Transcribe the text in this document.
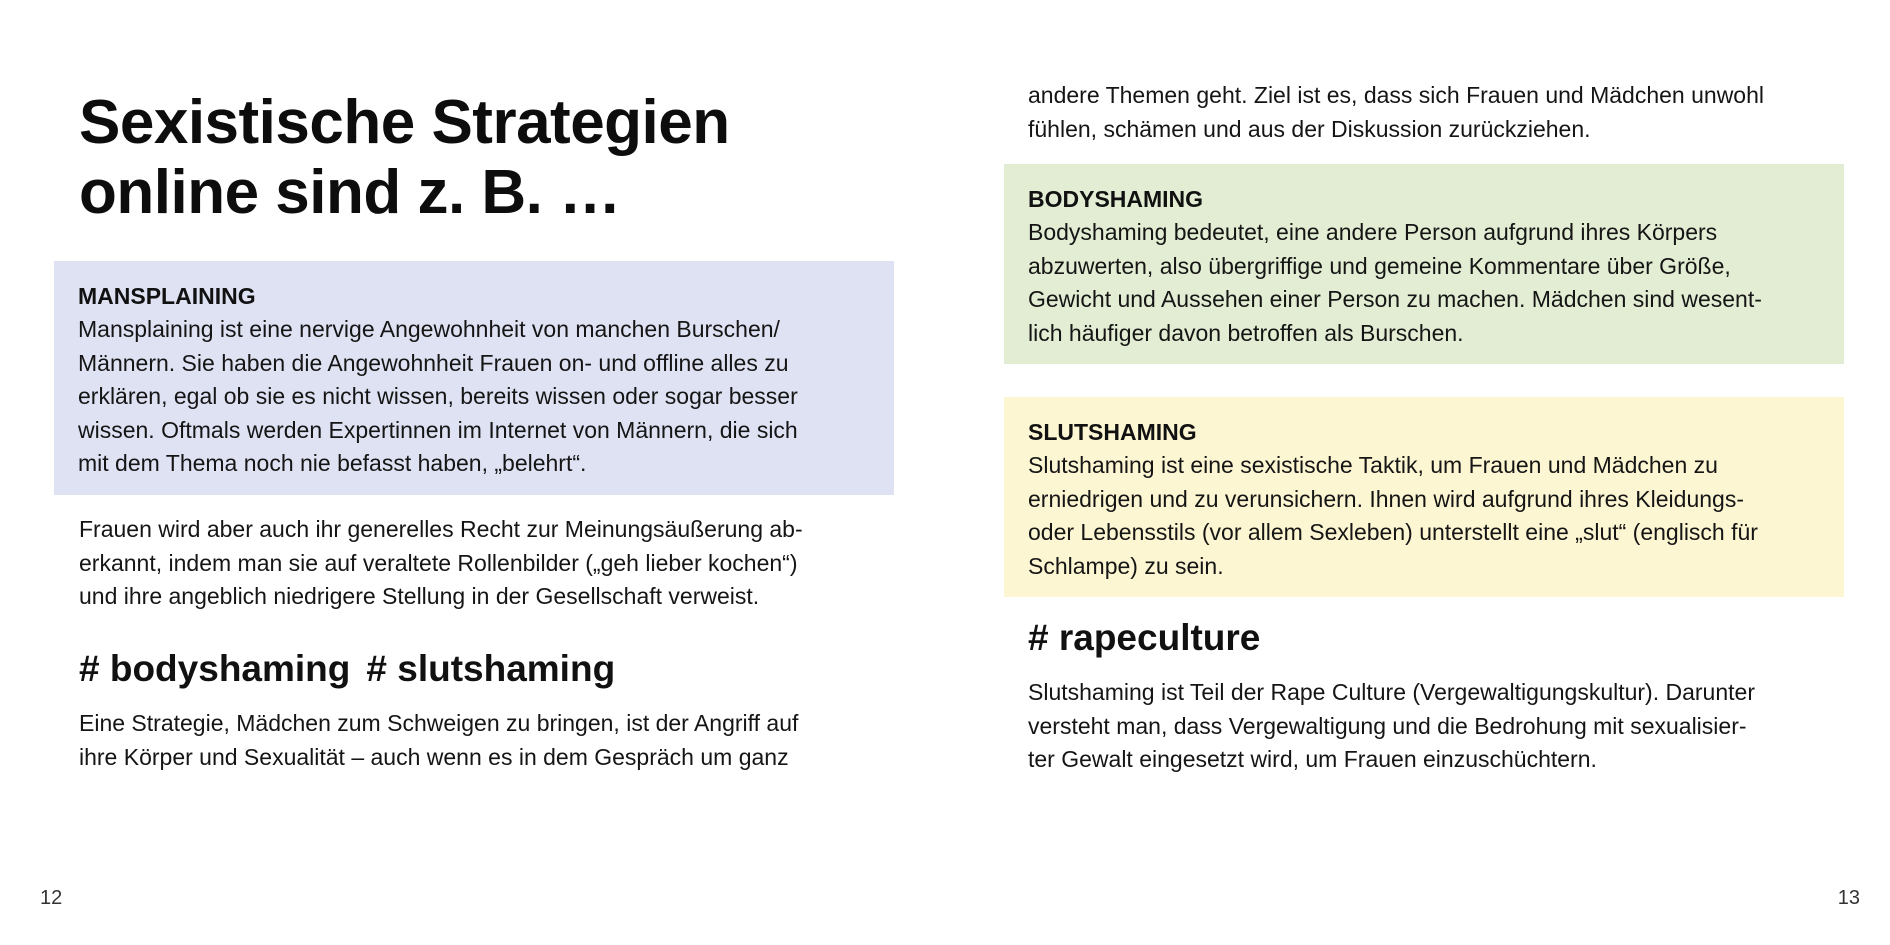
Sexistische Strategien
online sind z. B. …
MANSPLAINING

Mansplaining ist eine nervige Angewohnheit von manchen Burschen/
Männern. Sie haben die Angewohnheit Frauen on- und offline alles zu
erklären, egal ob sie es nicht wissen, bereits wissen oder sogar besser
wissen. Oftmals werden Expertinnen im Internet von Männern, die sich
mit dem Thema noch nie befasst haben, „belehrt“.

Frauen wird aber auch ihr generelles Recht zur Meinungsäußerung ab-
erkannt, indem man sie auf veraltete Rollenbilder („geh lieber kochen“)
und ihre angeblich niedrigere Stellung in der Gesellschaft verweist.

# bodyshaming # slutshaming

Eine Strategie, Mädchen zum Schweigen zu bringen, ist der Angriff auf
ihre Körper und Sexualität – auch wenn es in dem Gespräch um ganz

12

andere Themen geht. Ziel ist es, dass sich Frauen und Mädchen unwohl
fühlen, schämen und aus der Diskussion zurückziehen.

BODYSHAMING

Bodyshaming bedeutet, eine andere Person aufgrund ihres Körpers
abzuwerten, also übergriffige und gemeine Kommentare über Größe,
Gewicht und Aussehen einer Person zu machen. Mädchen sind wesent-
lich häufiger davon betroffen als Burschen.

SLUTSHAMING

Slutshaming ist eine sexistische Taktik, um Frauen und Mädchen zu
erniedrigen und zu verunsichern. Ihnen wird aufgrund ihres Kleidungs-
oder Lebensstils (vor allem Sexleben) unterstellt eine „slut“ (englisch für
Schlampe) zu sein.

# rapeculture

Slutshaming ist Teil der Rape Culture (Vergewaltigungskultur). Darunter
versteht man, dass Vergewaltigung und die Bedrohung mit sexualisier-
ter Gewalt eingesetzt wird, um Frauen einzuschüchtern.

13
